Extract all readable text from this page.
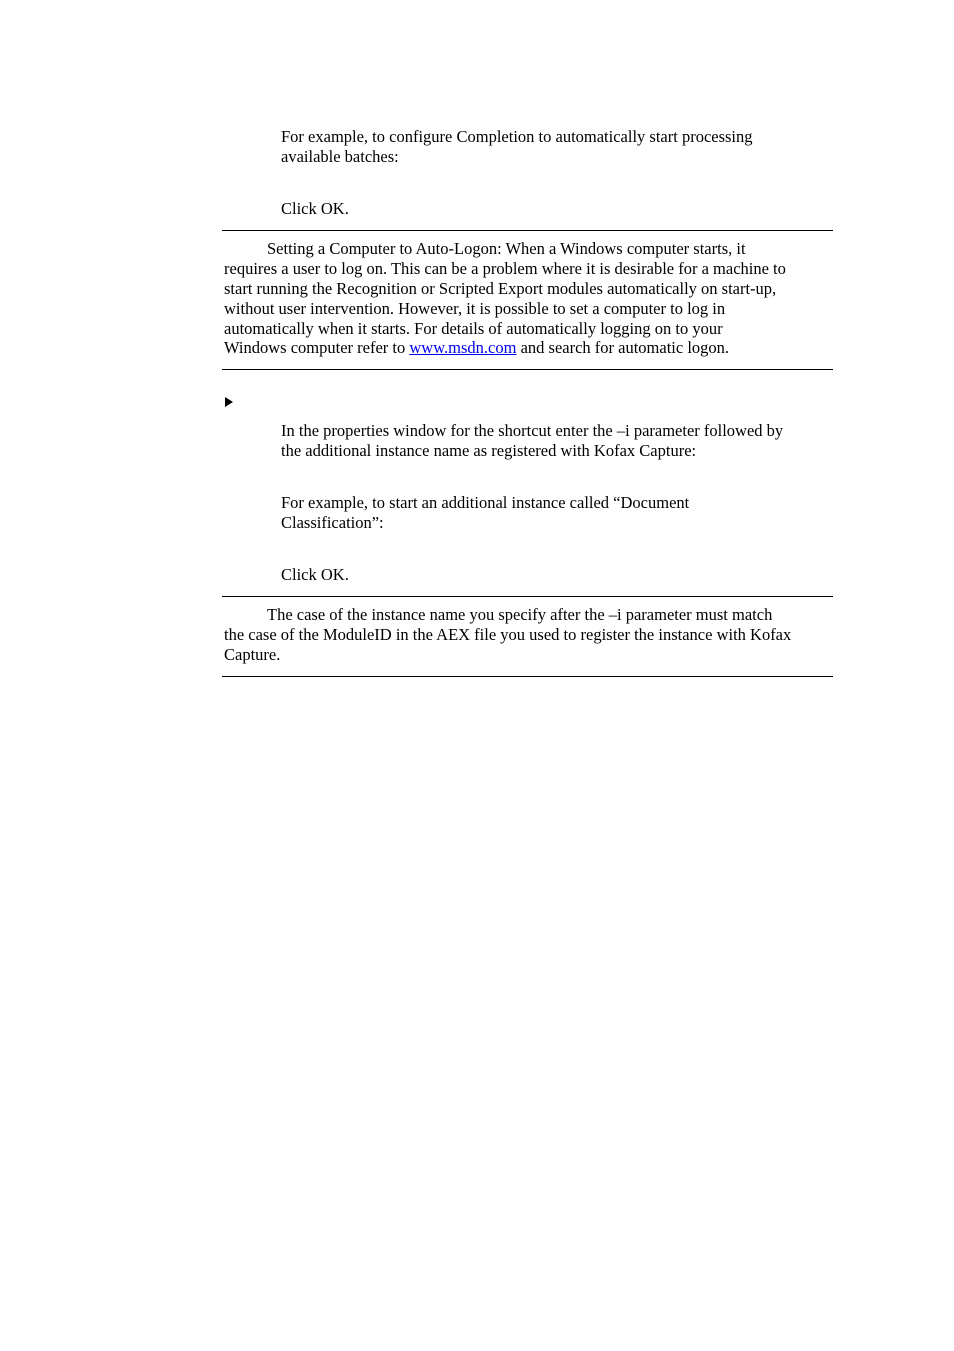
For example, to configure Completion to automatically start processing
available batches:
Click OK.
Setting a Computer to Auto-Logon: When a Windows computer starts, it
requires a user to log on. This can be a problem where it is desirable for a machine to
start running the Recognition or Scripted Export modules automatically on start-up,
without user intervention. However, it is possible to set a computer to log in
automatically when it starts. For details of automatically logging on to your
Windows computer refer to www.msdn.com and search for automatic logon.
In the properties window for the shortcut enter the –i parameter followed by
the additional instance name as registered with Kofax Capture:
For example, to start an additional instance called “Document
Classification”:
Click OK.
The case of the instance name you specify after the –i parameter must match
the case of the ModuleID in the AEX file you used to register the instance with Kofax
Capture.
